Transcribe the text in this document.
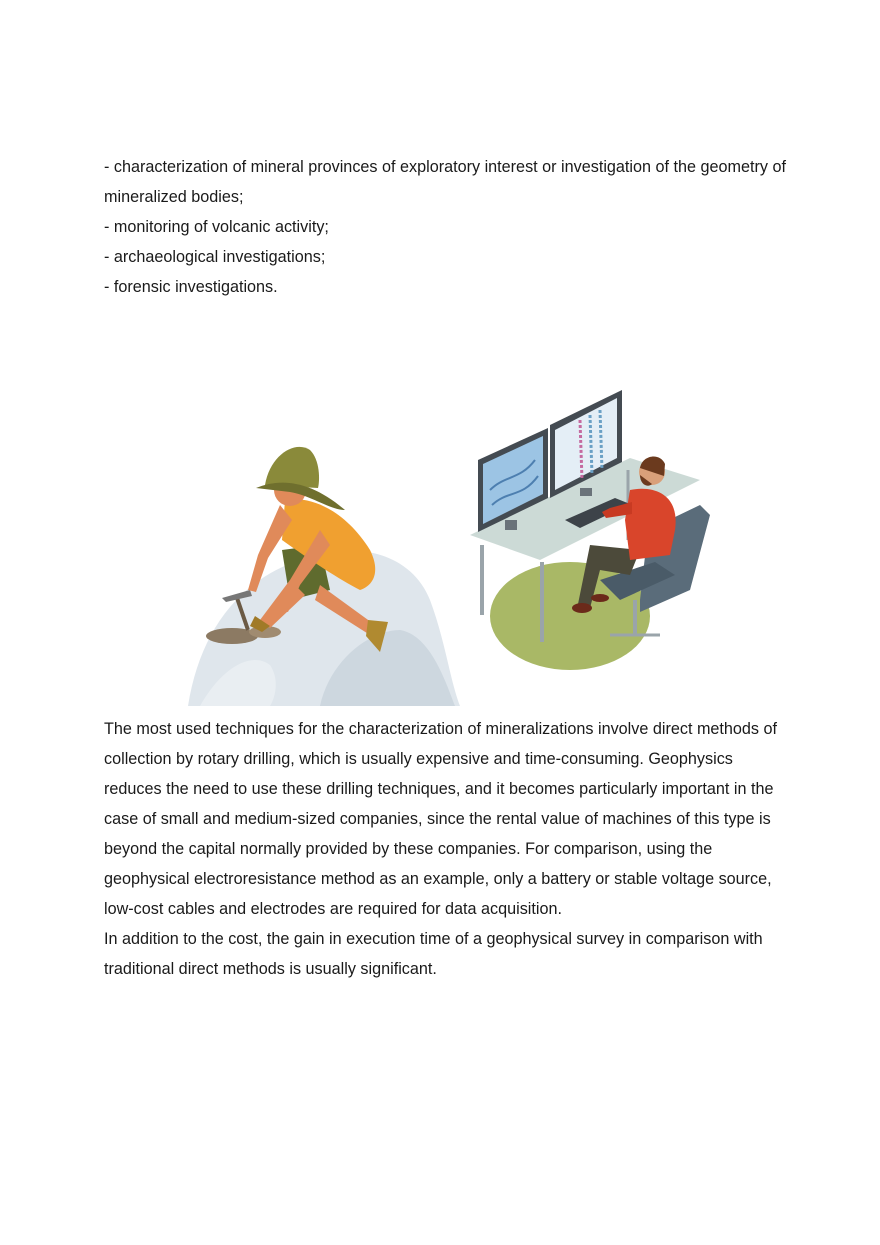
- characterization of mineral provinces of exploratory interest or investigation of the geometry of mineralized bodies;

- monitoring of volcanic activity;

- archaeological investigations;

- forensic investigations.

The most used techniques for the characterization of mineralizations involve direct methods of collection by rotary drilling, which is usually expensive and time-consuming. Geophysics reduces the need to use these drilling techniques, and it becomes particularly important in the case of small and medium-sized companies, since the rental value of machines of this type is beyond the capital normally provided by these companies. For comparison, using the geophysical electroresistance method as an example, only a battery or stable voltage source, low-cost cables and electrodes are required for data acquisition.

In addition to the cost, the gain in execution time of a geophysical survey in comparison with traditional direct methods is usually significant.
